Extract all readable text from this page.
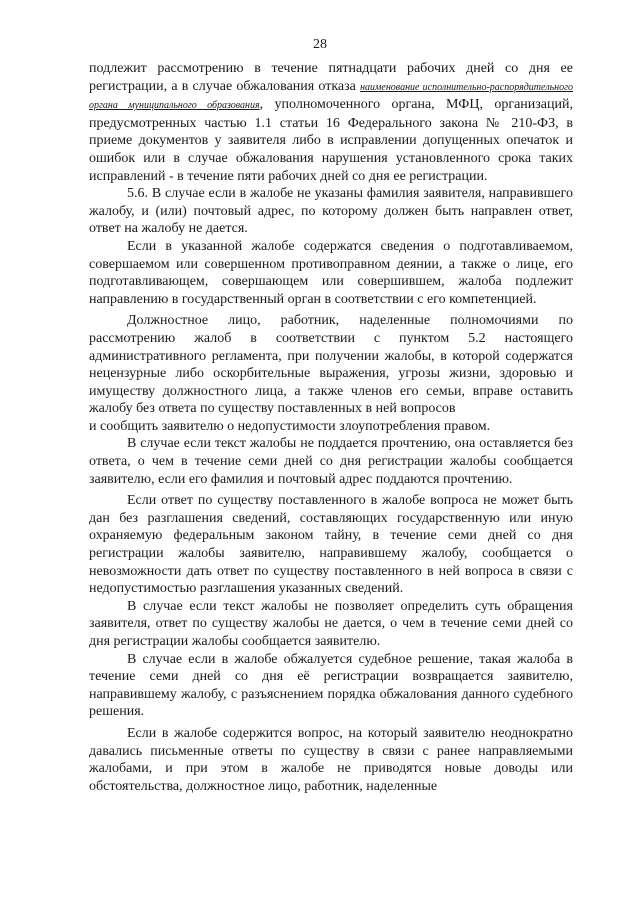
28

подлежит рассмотрению в течение пятнадцати рабочих дней со дня ее регистрации, а в случае обжалования отказа наименование исполнительно-распорядительного органа муниципального образования, уполномоченного органа, МФЦ, организаций, предусмотренных частью 1.1 статьи 16 Федерального закона № 210-ФЗ, в приеме документов у заявителя либо в исправлении допущенных опечаток и ошибок или в случае обжалования нарушения установленного срока таких исправлений - в течение пяти рабочих дней со дня ее регистрации.

5.6. В случае если в жалобе не указаны фамилия заявителя, направившего жалобу, и (или) почтовый адрес, по которому должен быть направлен ответ, ответ на жалобу не дается.

Если в указанной жалобе содержатся сведения о подготавливаемом, совершаемом или совершенном противоправном деянии, а также о лице, его подготавливающем, совершающем или совершившем, жалоба подлежит направлению в государственный орган в соответствии с его компетенцией.

Должностное лицо, работник, наделенные полномочиями по рассмотрению жалоб в соответствии с пунктом 5.2 настоящего административного регламента, при получении жалобы, в которой содержатся нецензурные либо оскорбительные выражения, угрозы жизни, здоровью и имуществу должностного лица, а также членов его семьи, вправе оставить жалобу без ответа по существу поставленных в ней вопросов

и сообщить заявителю о недопустимости злоупотребления правом.

В случае если текст жалобы не поддается прочтению, она оставляется без ответа, о чем в течение семи дней со дня регистрации жалобы сообщается заявителю, если его фамилия и почтовый адрес поддаются прочтению.

Если ответ по существу поставленного в жалобе вопроса не может быть дан без разглашения сведений, составляющих государственную или иную охраняемую федеральным законом тайну, в течение семи дней со дня регистрации жалобы заявителю, направившему жалобу, сообщается о невозможности дать ответ по существу поставленного в ней вопроса в связи с недопустимостью разглашения указанных сведений.

В случае если текст жалобы не позволяет определить суть обращения заявителя, ответ по существу жалобы не дается, о чем в течение семи дней со дня регистрации жалобы сообщается заявителю.

В случае если в жалобе обжалуется судебное решение, такая жалоба в течение семи дней со дня её регистрации возвращается заявителю, направившему жалобу, с разъяснением порядка обжалования данного судебного решения.

Если в жалобе содержится вопрос, на который заявителю неоднократно давались письменные ответы по существу в связи с ранее направляемыми жалобами, и при этом в жалобе не приводятся новые доводы или обстоятельства, должностное лицо, работник, наделенные
